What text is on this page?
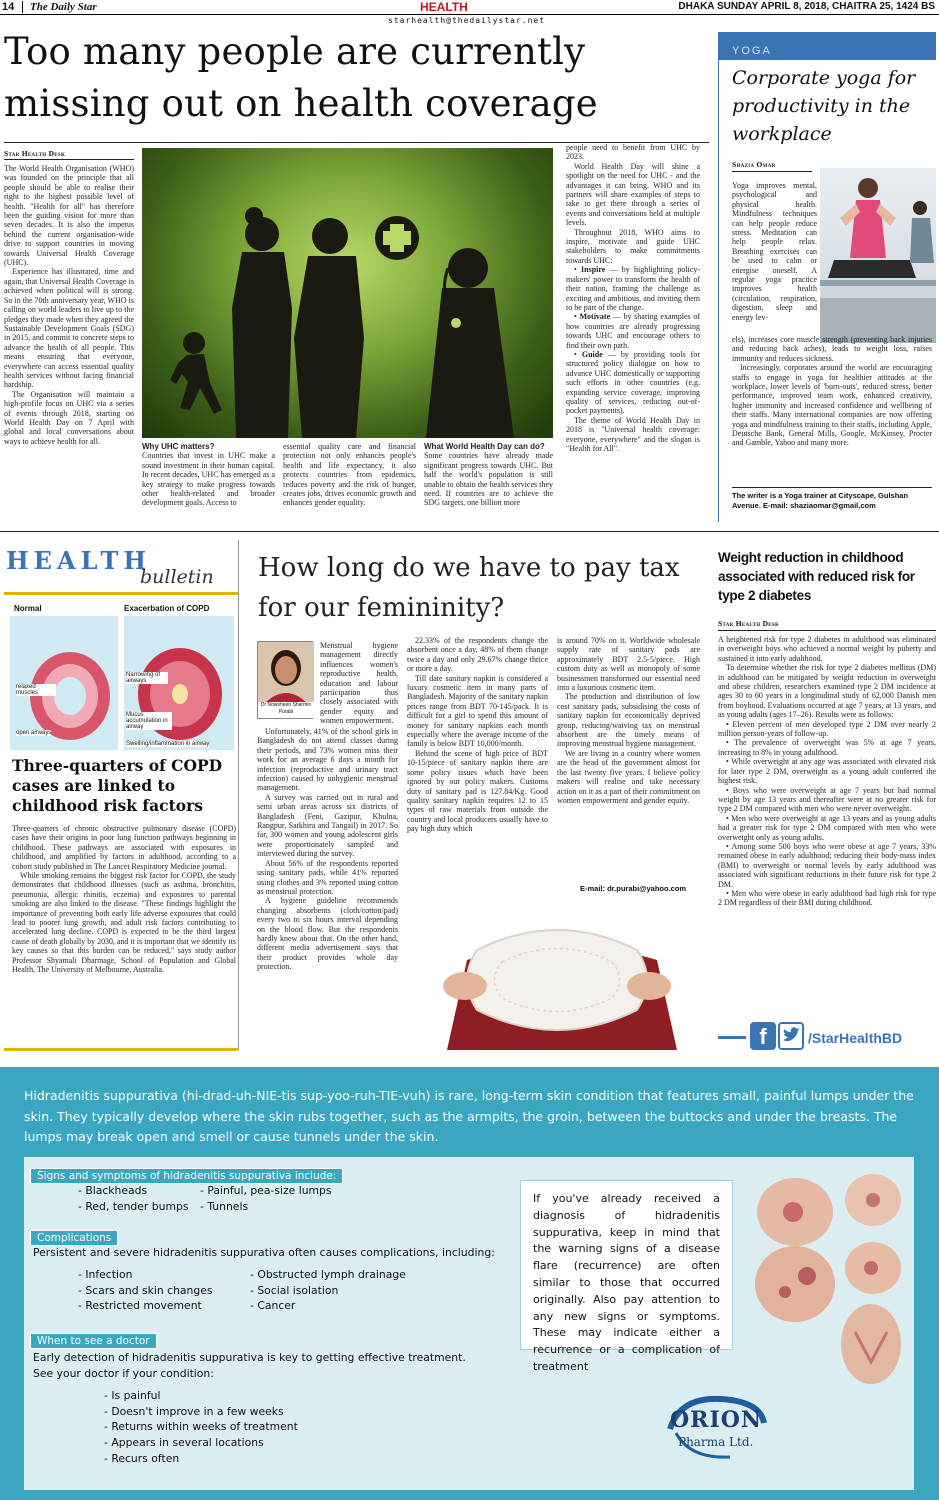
14 The Daily Star	HEALTH
starhealth@thedailystar.net
DHAKA SUNDAY APRIL 8, 2018, CHAITRA 25, 1424 BS
Too many people are currently missing out on health coverage
Star Health Desk

The World Health Organisation (WHO) was founded on the principle that all people should be able to realise their right to the highest possible level of health. "Health for all" has therefore been the guiding vision for more than seven decades. It is also the impetus behind the current organisation-wide drive to support countries in moving towards Universal Health Coverage (UHC).

Experience has illustrated, time and again, that Universal Health Coverage is achieved when political will is strong. So in the 70th anniversary year, WHO is calling on world leaders to live up to the pledges they made when they agreed the Sustainable Development Goals (SDG) in 2015, and commit to concrete steps to advance the health of all people. This means ensuring that everyone, everywhere can access essential quality health services without facing financial hardship.

The Organisation will maintain a high-profile focus on UHC via a series of events through 2018, starting on World Health Day on 7 April with global and local conversations about ways to achieve health for all.

Why UHC matters?

Countries that invest in UHC make a sound investment in their human capital. In recent decades, UHC has emerged as a key strategy to make progress towards other health-related and broader development goals. Access to

essential quality care and financial protection not only enhances people's health and life expectancy, it also protects countries from epidemics, reduces poverty and the risk of hunger, creates jobs, drives economic growth and enhances gender equality.

What World Health Day can do?

Some countries have already made significant progress towards UHC. But half the world's population is still unable to obtain the health services they need. If countries are to achieve the SDG targets, one billion more

people need to benefit from UHC by 2023.

World Health Day will shine a spotlight on the need for UHC - and the advantages it can bring. WHO and its partners will share examples of steps to take to get there through a series of events and conversations held at multiple levels.

Throughout 2018, WHO aims to inspire, motivate and guide UHC stakeholders to make commitments towards UHC:

• Inspire — by highlighting policy-makers' power to transform the health of their nation, framing the challenge as exciting and ambitious, and inviting them to be part of the change.

• Motivate — by sharing examples of how countries are already progressing towards UHC and encourage others to find their own path.

• Guide — by providing tools for structured policy dialogue on how to advance UHC domestically or supporting such efforts in other countries (e.g. expanding service coverage, improving quality of services, reducing out-of-pocket payments).

The theme of World Health Day in 2018 is "Universal health coverage: everyone, everywhere" and the slogan is "Health for All".

YOGA
Corporate yoga for productivity in the workplace
Shazia Omar

Yoga improves mental, psychological and physical health. Mindfulness techniques can help people reduce stress. Meditation can help people relax. Breathing exercises can be used to calm or energise oneself. A regular yoga practice improves health (circulation, respiration, digestion, sleep and energy lev-

els), increases core muscle strength (preventing back injuries and reducing back aches), leads to weight loss, raises immunity and reduces sickness.

Increasingly, corporates around the world are encouraging staffs to engage in yoga for healthier attitudes at the workplace, lower levels of 'burn-outs', reduced stress, better performance, improved team work, enhanced creativity, higher immunity and increased confidence and wellbeing of their staffs. Many international companies are now offering yoga and mindfulness training to their staffs, including Apple, Deutsche Bank, General Mills, Google, McKinsey, Procter and Gamble, Yahoo and many more.

The writer is a Yoga trainer at Cityscape, Gulshan Avenue. E-mail: shaziaomar@gmail.com
HEALTH
bulletin
Normal	Exacerbation of COPD
relaxed muscles
open airways
Narrowing of airways
Mucus accumulation in airway
Swelling/inflammation in airway
Three-quarters of COPD cases are linked to childhood risk factors

Three-quarters of chronic obstructive pulmonary disease (COPD) cases have their origins in poor lung function pathways beginning in childhood. These pathways are associated with exposures in childhood, and amplified by factors in adulthood, according to a cohort study published in The Lancet Respiratory Medicine journal.

While smoking remains the biggest risk factor for COPD, the study demonstrates that childhood illnesses (such as asthma, bronchitis, pneumonia, allergic rhinitis, eczema) and exposures to parental smoking are also linked to the disease. "These findings highlight the importance of preventing both early life adverse exposures that could lead to poorer lung growth, and adult risk factors contributing to accelerated lung decline. COPD is expected to be the third largest cause of death globally by 2030, and it is important that we identify its key causes so that this burden can be reduced," says study author Professor Shyamali Dharmage, School of Population and Global Health, The University of Melbourne, Australia.

How long do we have to pay tax for our femininity?
Dr Nowsheen Sharmin Purabi

Menstrual hygiene management directly influences women's reproductive health, education and labour participation thus closely associated with gender equity and women empowerment.

Unfortunately, 41% of the school girls in Bangladesh do not attend classes during their periods, and 73% women miss their work for an average 6 days a month for infection (reproductive and urinary tract infection) caused by unhygienic menstrual management.

A survey was carried out in rural and semi urban areas across six districts of Bangladesh (Feni, Gazipur, Khulna, Rangpur, Satkhira and Tangail) in 2017. So far, 300 women and young adolescent girls were proportionately sampled and interviewed during the survey.

About 56% of the respondents reported using sanitary pads, while 41% reported using clothes and 3% reported using cotton as menstrual protection.

A hygiene guideline recommends changing absorbents (cloth/cotton/pad) every two to six hours interval depending on the blood flow. But the respondents hardly knew about that. On the other hand, different media advertisement says that their product provides whole day protection.

22.33% of the respondents change the absorbent once a day, 48% of them change twice a day and only 29.67% change thrice or more a day.

Till date sanitary napkin is considered a luxury cosmetic item in many parts of Bangladesh. Majority of the sanitary napkin prices range from BDT 70-145/pack. It is difficult for a girl to spend this amount of money for sanitary napkins each month especially where the average income of the family is below BDT 10,000/month.

Behind the scene of high price of BDT 10-15/piece of sanitary napkin there are some policy issues which have been ignored by our policy makers. Customs duty of sanitary pad is 127.84/Kg. Good quality sanitary napkin requires 12 to 15 types of raw materials from outside the country and local producers usually have to pay high duty which

is around 70% on it. Worldwide wholesale supply rate of sanitary pads are approximately BDT 2.5-5/piece. High custom duty as well as monopoly of some businessmen transformed our essential need into a luxurious cosmetic item.

The production and distribution of low cost sanitary pads, subsidising the costs of sanitary napkin for economically deprived group, reducing/waiving tax on menstrual absorbent are the timely means of improving menstrual hygiene management.

We are living in a country where women are the head of the government almost for the last twenty five years. I believe policy makers will realise and take necessary action on it as a part of their commitment on women empowerment and gender equity.

E-mail: dr.purabi@yahoo.com
Weight reduction in childhood associated with reduced risk for type 2 diabetes
Star Health Desk

A heightened risk for type 2 diabetes in adulthood was eliminated in overweight boys who achieved a normal weight by puberty and sustained it into early adulthood.

To determine whether the risk for type 2 diabetes mellitus (DM) in adulthood can be mitigated by weight reduction in overweight and obese children, researchers examined type 2 DM incidence at ages 30 to 60 years in a longitudinal study of 62,000 Danish men from boyhood. Evaluations occurred at age 7 years, at 13 years, and as young adults (ages 17–26). Results were as follows:

• Eleven percent of men developed type 2 DM over nearly 2 million person-years of follow-up.

• The prevalence of overweight was 5% at age 7 years, increasing to 8% in young adulthood.

• While overweight at any age was associated with elevated risk for later type 2 DM, overweight as a young adult conferred the highest risk.

• Boys who were overweight at age 7 years but had normal weight by age 13 years and thereafter were at no greater risk for type 2 DM compared with men who were never overweight.

• Men who were overweight at age 13 years and as young adults had a greater risk for type 2 DM compared with men who were overweight only as young adults.

• Among some 500 boys who were obese at age 7 years, 33% remained obese in early adulthood; reducing their body-mass index (BMI) to overweight or normal levels by early adulthood was associated with significant reductions in their future risk for type 2 DM.

• Men who were obese in early adulthood had high risk for type 2 DM regardless of their BMI during childhood.

f	/StarHealthBD
Hidradenitis suppurativa (hi-drad-uh-NIE-tis sup-yoo-ruh-TIE-vuh) is rare, long-term skin condition that features small, painful lumps under the skin. They typically develop where the skin rubs together, such as the armpits, the groin, between the buttocks and under the breasts. The lumps may break open and smell or cause tunnels under the skin.
Signs and symptoms of hidradenitis suppurativa include:
- Blackheads
- Red, tender bumps
- Painful, pea-size lumps
- Tunnels
Complications
Persistent and severe hidradenitis suppurativa often causes complications, including:
- Infection
- Scars and skin changes
- Restricted movement
- Obstructed lymph drainage
- Social isolation
- Cancer
When to see a doctor
Early detection of hidradenitis suppurativa is key to getting effective treatment.
See your doctor if your condition:
- Is painful
- Doesn't improve in a few weeks
- Returns within weeks of treatment
- Appears in several locations
- Recurs often
If you've already received a diagnosis of hidradenitis suppurativa, keep in mind that the warning signs of a disease flare (recurrence) are often similar to those that occurred originally. Also pay attention to any new signs or symptoms. These may indicate either a recurrence or a complication of treatment
ORION
Pharma Ltd.
